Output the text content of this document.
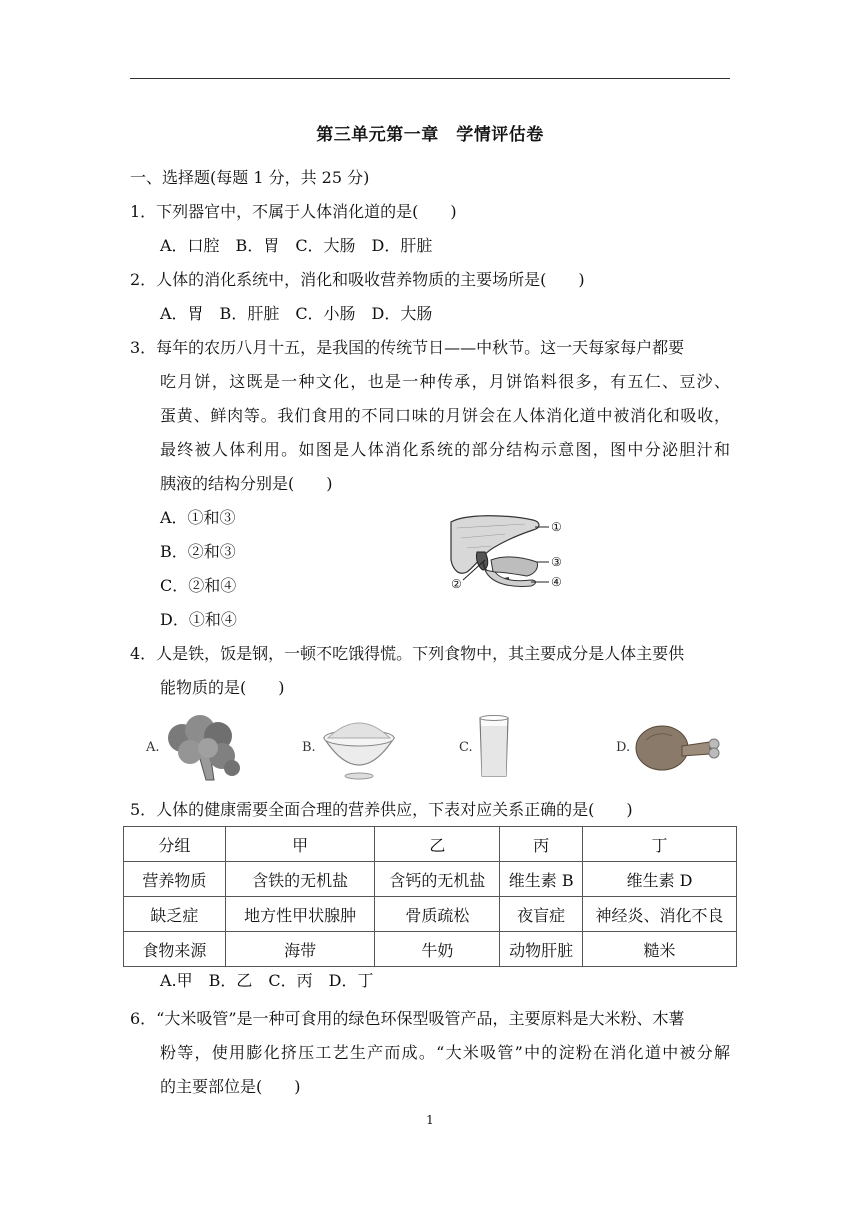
第三单元第一章　学情评估卷
一、选择题(每题 1 分，共 25 分)
1．下列器官中，不属于人体消化道的是(　　)
A．口腔　B．胃　C．大肠　D．肝脏
2．人体的消化系统中，消化和吸收营养物质的主要场所是(　　)
A．胃　B．肝脏　C．小肠　D．大肠
3．每年的农历八月十五，是我国的传统节日——中秋节。这一天每家每户都要
吃月饼，这既是一种文化，也是一种传承，月饼馅料很多，有五仁、豆沙、
蛋黄、鲜肉等。我们食用的不同口味的月饼会在人体消化道中被消化和吸收，
最终被人体利用。如图是人体消化系统的部分结构示意图，图中分泌胆汁和
胰液的结构分别是(　　)
A．①和③
B．②和③
C．②和④
D．①和④
①
③
④
②
4．人是铁，饭是钢，一顿不吃饿得慌。下列食物中，其主要成分是人体主要供
能物质的是(　　)
A.	B.	C.	D.
5．人体的健康需要全面合理的营养供应，下表对应关系正确的是(　　)
分组	甲	乙	丙	丁
营养物质	含铁的无机盐	含钙的无机盐	维生素 B	维生素 D
缺乏症	地方性甲状腺肿	骨质疏松	夜盲症	神经炎、消化不良
食物来源	海带	牛奶	动物肝脏	糙米
A.甲　B．乙　C．丙　D．丁
6．“大米吸管”是一种可食用的绿色环保型吸管产品，主要原料是大米粉、木薯
粉等，使用膨化挤压工艺生产而成。“大米吸管”中的淀粉在消化道中被分解
的主要部位是(　　)
1
